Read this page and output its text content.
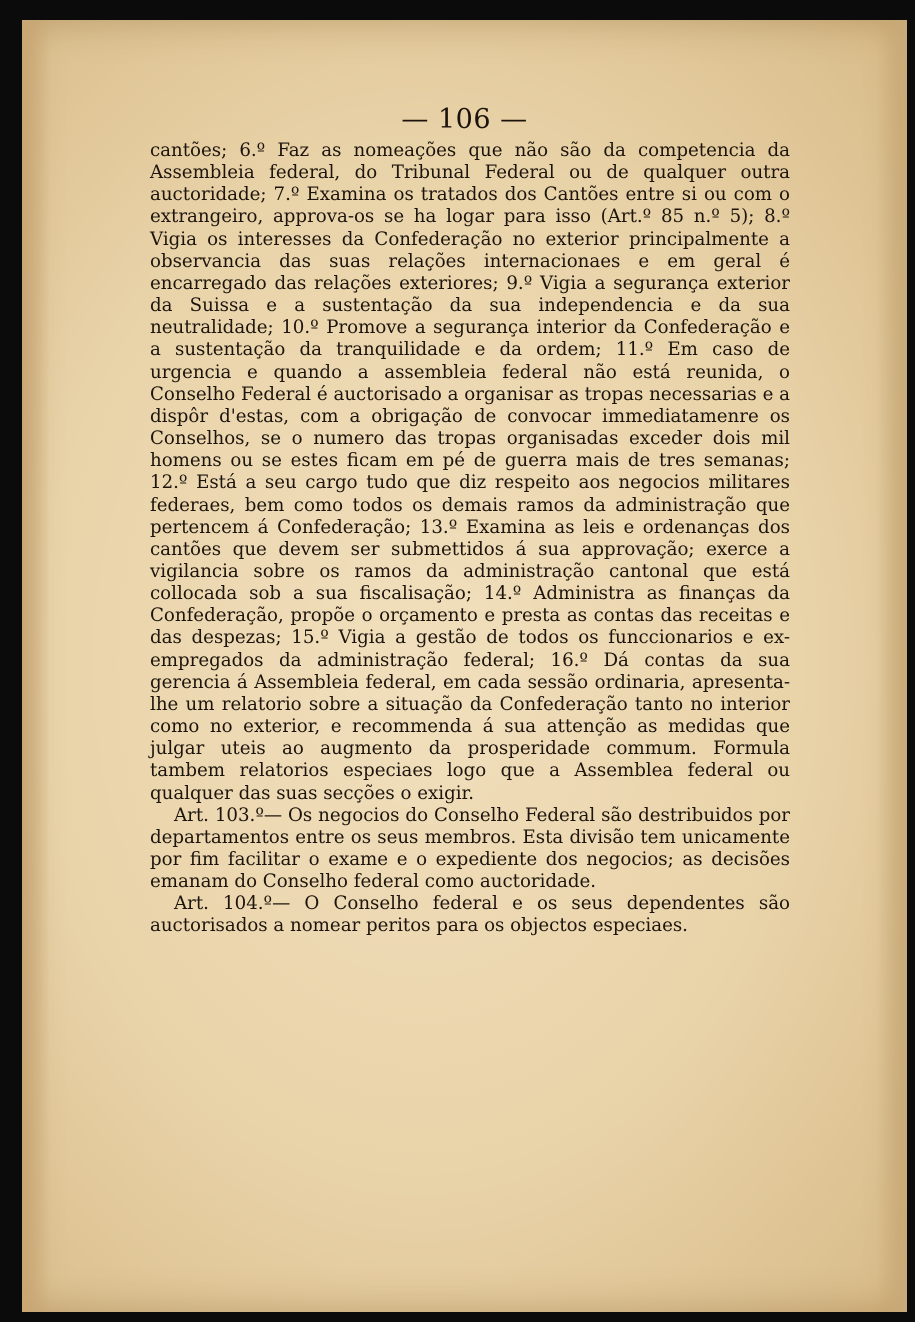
— 106 —

cantões; 6.º Faz as nomeações que não são da competencia da Assembleia federal, do Tribunal Federal ou de qualquer outra auctoridade; 7.º Examina os tratados dos Cantões entre si ou com o extrangeiro, approva-os se ha logar para isso (Art.º 85 n.º 5); 8.º Vigia os interesses da Confederação no exterior principalmente a observancia das suas relações internacionaes e em geral é encarregado das relações exteriores; 9.º Vigia a segurança exterior da Suissa e a sustentação da sua independencia e da sua neutralidade; 10.º Promove a segurança interior da Confederação e a sustentação da tranquilidade e da ordem; 11.º Em caso de urgencia e quando a assembleia federal não está reunida, o Conselho Federal é auctorisado a organisar as tropas necessarias e a dispôr d'estas, com a obrigação de convocar immediatamenre os Conselhos, se o numero das tropas organisadas exceder dois mil homens ou se estes ficam em pé de guerra mais de tres semanas; 12.º Está a seu cargo tudo que diz respeito aos negocios militares federaes, bem como todos os demais ramos da administração que pertencem á Confederação; 13.º Examina as leis e ordenanças dos cantões que devem ser submettidos á sua approvação; exerce a vigilancia sobre os ramos da administração cantonal que está collocada sob a sua fiscalisação; 14.º Administra as finanças da Confederação, propõe o orçamento e presta as contas das receitas e das despezas; 15.º Vigia a gestão de todos os funccionarios e ex-empregados da administração federal; 16.º Dá contas da sua gerencia á Assembleia federal, em cada sessão ordinaria, apresenta-lhe um relatorio sobre a situação da Confederação tanto no interior como no exterior, e recommenda á sua attenção as medidas que julgar uteis ao augmento da prosperidade commum. Formula tambem relatorios especiaes logo que a Assemblea federal ou qualquer das suas secções o exigir.

Art. 103.º— Os negocios do Conselho Federal são destribuidos por departamentos entre os seus membros. Esta divisão tem unicamente por fim facilitar o exame e o expediente dos negocios; as decisões emanam do Conselho federal como auctoridade.

Art. 104.º— O Conselho federal e os seus dependentes são auctorisados a nomear peritos para os objectos especiaes.
